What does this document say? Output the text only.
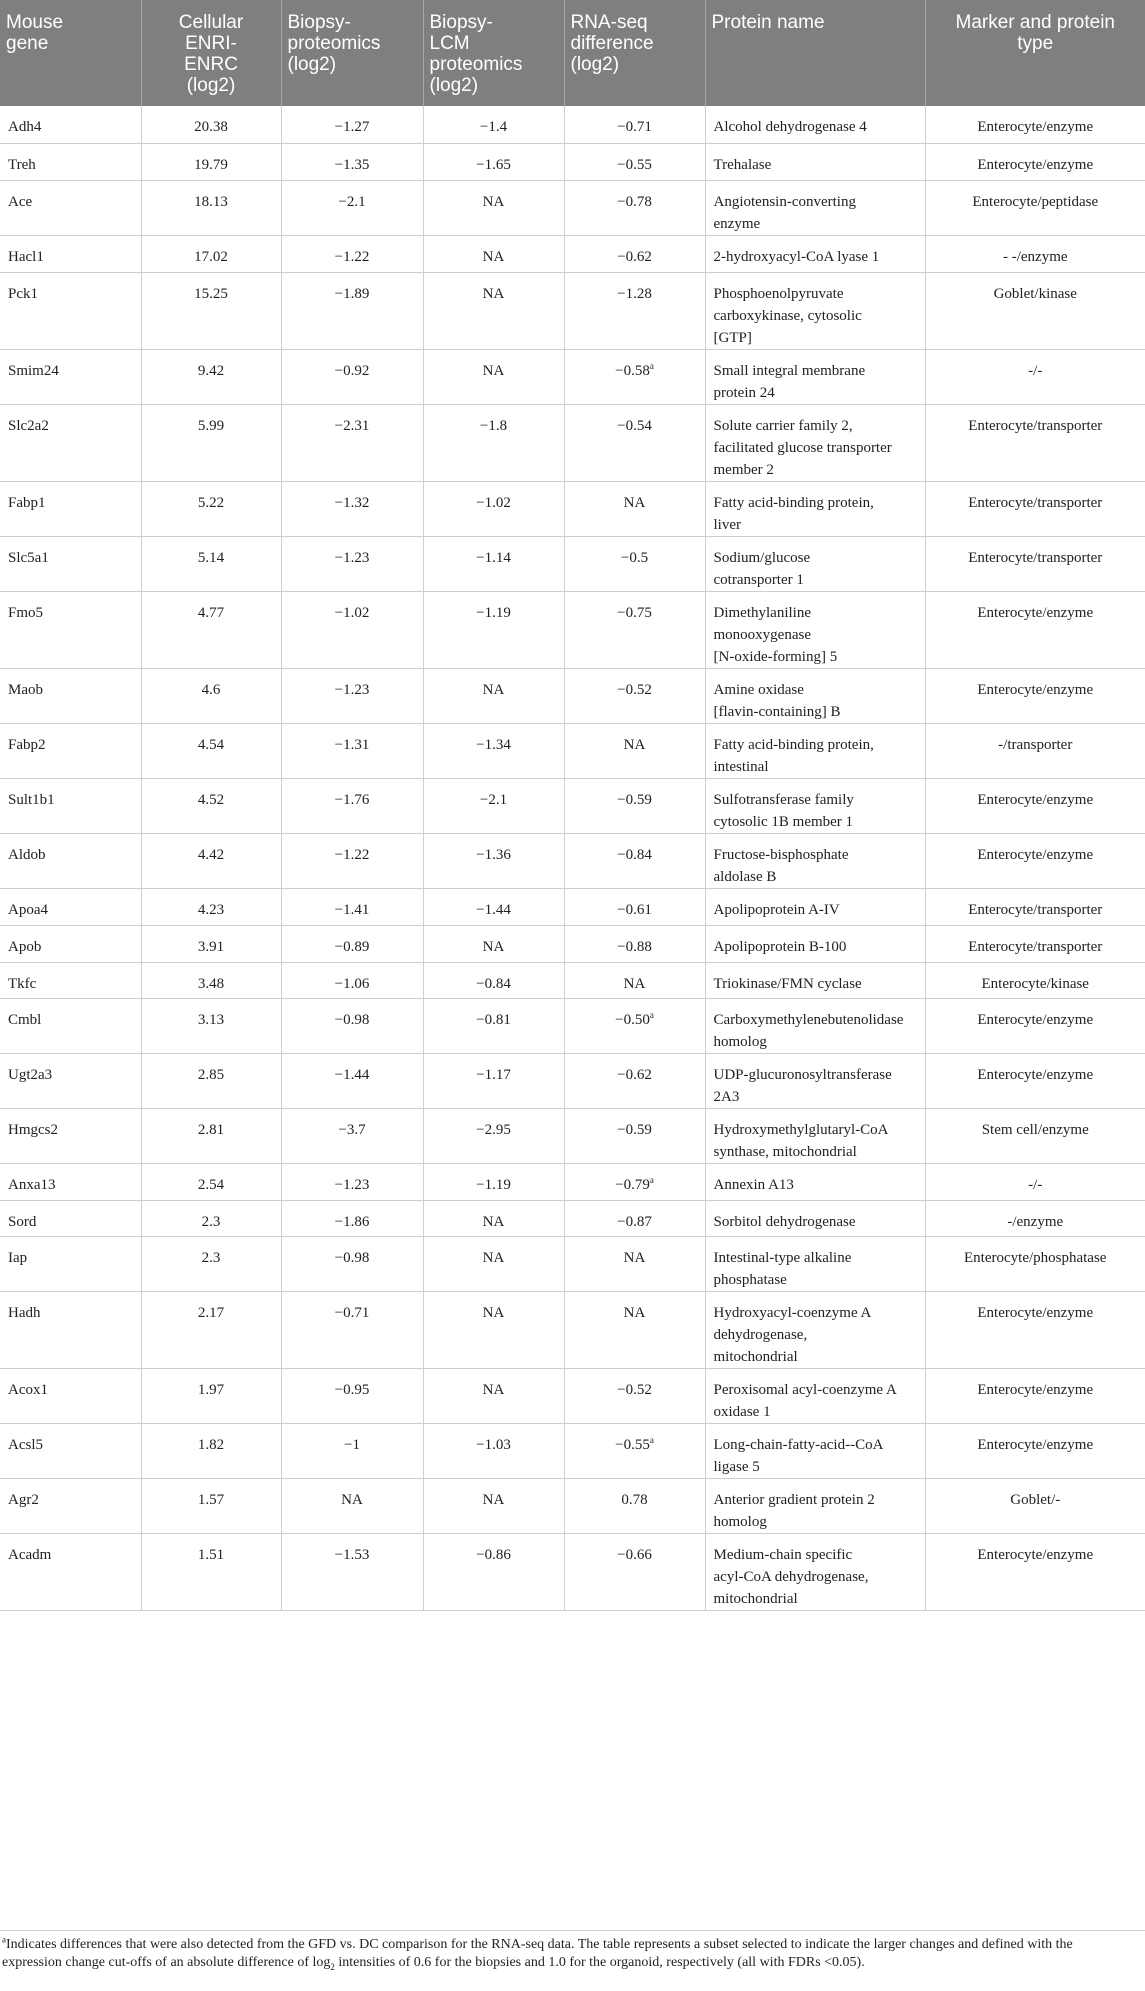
Mouse
gene	Cellular
ENRI-
ENRC
(log2)	Biopsy-
proteomics
(log2)	Biopsy-
LCM
proteomics
(log2)	RNA-seq
difference
(log2)	Protein name	Marker and protein
type
Adh4	20.38	−1.27	−1.4	−0.71	Alcohol dehydrogenase 4	Enterocyte/enzyme
Treh	19.79	−1.35	−1.65	−0.55	Trehalase	Enterocyte/enzyme
Ace	18.13	−2.1	NA	−0.78	Angiotensin-converting
enzyme	Enterocyte/peptidase
Hacl1	17.02	−1.22	NA	−0.62	2-hydroxyacyl-CoA lyase 1	- -/enzyme
Pck1	15.25	−1.89	NA	−1.28	Phosphoenolpyruvate
carboxykinase, cytosolic
[GTP]	Goblet/kinase
Smim24	9.42	−0.92	NA	−0.58$^a$	Small integral membrane
protein 24	-/-
Slc2a2	5.99	−2.31	−1.8	−0.54	Solute carrier family 2,
facilitated glucose transporter
member 2	Enterocyte/transporter
Fabp1	5.22	−1.32	−1.02	NA	Fatty acid-binding protein,
liver	Enterocyte/transporter
Slc5a1	5.14	−1.23	−1.14	−0.5	Sodium/glucose
cotransporter 1	Enterocyte/transporter
Fmo5	4.77	−1.02	−1.19	−0.75	Dimethylaniline
monooxygenase
[N-oxide-forming] 5	Enterocyte/enzyme
Maob	4.6	−1.23	NA	−0.52	Amine oxidase
[flavin-containing] B	Enterocyte/enzyme
Fabp2	4.54	−1.31	−1.34	NA	Fatty acid-binding protein,
intestinal	-/transporter
Sult1b1	4.52	−1.76	−2.1	−0.59	Sulfotransferase family
cytosolic 1B member 1	Enterocyte/enzyme
Aldob	4.42	−1.22	−1.36	−0.84	Fructose-bisphosphate
aldolase B	Enterocyte/enzyme
Apoa4	4.23	−1.41	−1.44	−0.61	Apolipoprotein A-IV	Enterocyte/transporter
Apob	3.91	−0.89	NA	−0.88	Apolipoprotein B-100	Enterocyte/transporter
Tkfc	3.48	−1.06	−0.84	NA	Triokinase/FMN cyclase	Enterocyte/kinase
Cmbl	3.13	−0.98	−0.81	−0.50$^a$	Carboxymethylenebutenolidase
homolog	Enterocyte/enzyme
Ugt2a3	2.85	−1.44	−1.17	−0.62	UDP-glucuronosyltransferase
2A3	Enterocyte/enzyme
Hmgcs2	2.81	−3.7	−2.95	−0.59	Hydroxymethylglutaryl-CoA
synthase, mitochondrial	Stem cell/enzyme
Anxa13	2.54	−1.23	−1.19	−0.79$^a$	Annexin A13	-/-
Sord	2.3	−1.86	NA	−0.87	Sorbitol dehydrogenase	-/enzyme
Iap	2.3	−0.98	NA	NA	Intestinal-type alkaline
phosphatase	Enterocyte/phosphatase
Hadh	2.17	−0.71	NA	NA	Hydroxyacyl-coenzyme A
dehydrogenase,
mitochondrial	Enterocyte/enzyme
Acox1	1.97	−0.95	NA	−0.52	Peroxisomal acyl-coenzyme A
oxidase 1	Enterocyte/enzyme
Acsl5	1.82	−1	−1.03	−0.55$^a$	Long-chain-fatty-acid--CoA
ligase 5	Enterocyte/enzyme
Agr2	1.57	NA	NA	0.78	Anterior gradient protein 2
homolog	Goblet/-
Acadm	1.51	−1.53	−0.86	−0.66	Medium-chain specific
acyl-CoA dehydrogenase,
mitochondrial	Enterocyte/enzyme
$^a$Indicates differences that were also detected from the GFD vs. DC comparison for the RNA-seq data. The table represents a subset selected to indicate the larger changes and defined with the
expression change cut-offs of an absolute difference of $\log_2$ intensities of 0.6 for the biopsies and 1.0 for the organoid, respectively (all with FDRs <0.05).
